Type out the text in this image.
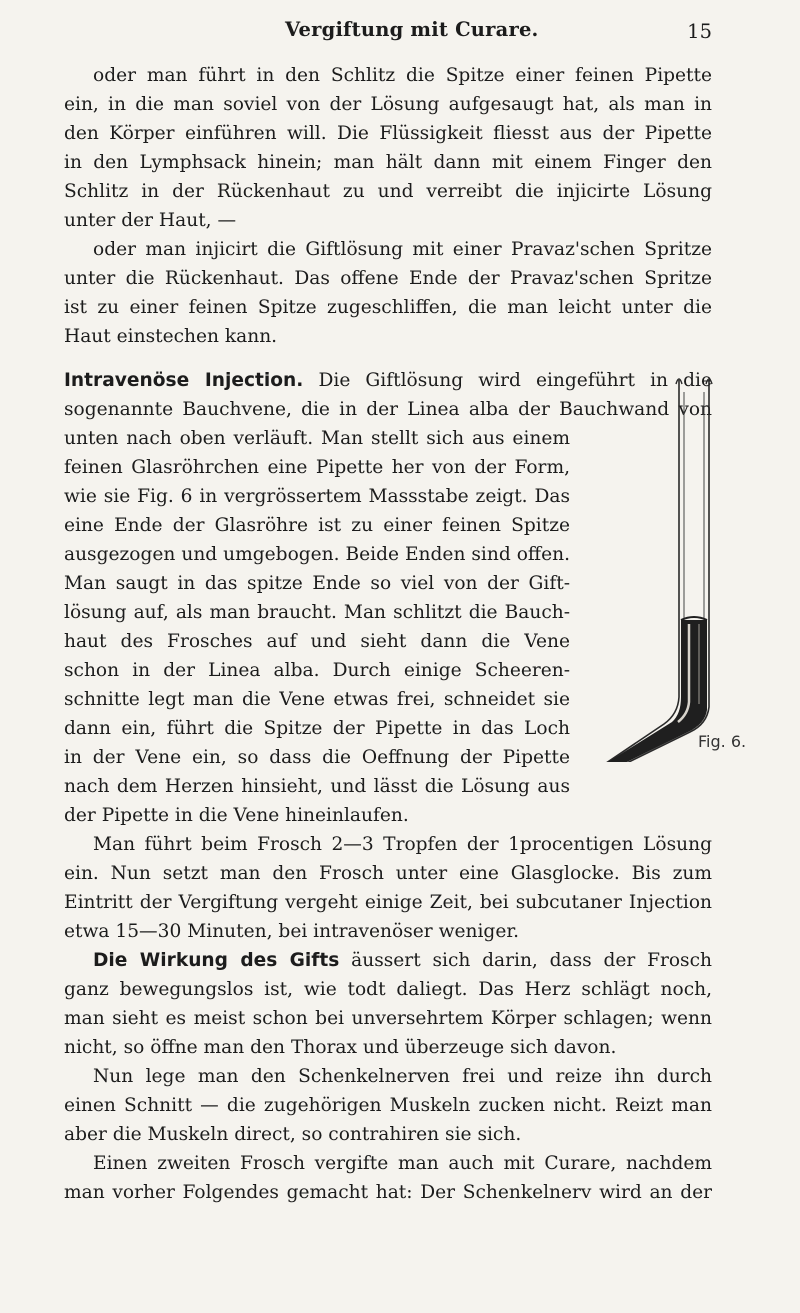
Vergiftung mit Curare.	15
oder man führt in den Schlitz die Spitze einer feinen Pipette
ein, in die man soviel von der Lösung aufgesaugt hat, als man in
den Körper einführen will. Die Flüssigkeit fliesst aus der Pipette
in den Lymphsack hinein; man hält dann mit einem Finger den
Schlitz in der Rückenhaut zu und verreibt die injicirte Lösung
unter der Haut, —
oder man injicirt die Giftlösung mit einer Pravaz'schen Spritze
unter die Rückenhaut. Das offene Ende der Pravaz'schen Spritze
ist zu einer feinen Spitze zugeschliffen, die man leicht unter die
Haut einstechen kann.
Intravenöse Injection. Die Giftlösung wird eingeführt in die
sogenannte Bauchvene, die in der Linea alba der Bauchwand von
unten nach oben verläuft. Man stellt sich aus einem
feinen Glasröhrchen eine Pipette her von der Form,
wie sie Fig. 6 in vergrössertem Massstabe zeigt. Das
eine Ende der Glasröhre ist zu einer feinen Spitze
ausgezogen und umgebogen. Beide Enden sind offen.
Man saugt in das spitze Ende so viel von der Gift-
lösung auf, als man braucht. Man schlitzt die Bauch-
haut des Frosches auf und sieht dann die Vene
schon in der Linea alba. Durch einige Scheeren-
schnitte legt man die Vene etwas frei, schneidet sie
dann ein, führt die Spitze der Pipette in das Loch
in der Vene ein, so dass die Oeffnung der Pipette
nach dem Herzen hinsieht, und lässt die Lösung aus
der Pipette in die Vene hineinlaufen.
Fig. 6.
Man führt beim Frosch 2—3 Tropfen der 1procentigen Lösung
ein. Nun setzt man den Frosch unter eine Glasglocke. Bis zum
Eintritt der Vergiftung vergeht einige Zeit, bei subcutaner Injection
etwa 15—30 Minuten, bei intravenöser weniger.
Die Wirkung des Gifts äussert sich darin, dass der Frosch
ganz bewegungslos ist, wie todt daliegt. Das Herz schlägt noch,
man sieht es meist schon bei unversehrtem Körper schlagen; wenn
nicht, so öffne man den Thorax und überzeuge sich davon.
Nun lege man den Schenkelnerven frei und reize ihn durch
einen Schnitt — die zugehörigen Muskeln zucken nicht. Reizt man
aber die Muskeln direct, so contrahiren sie sich.
Einen zweiten Frosch vergifte man auch mit Curare, nachdem
man vorher Folgendes gemacht hat: Der Schenkelnerv wird an der
